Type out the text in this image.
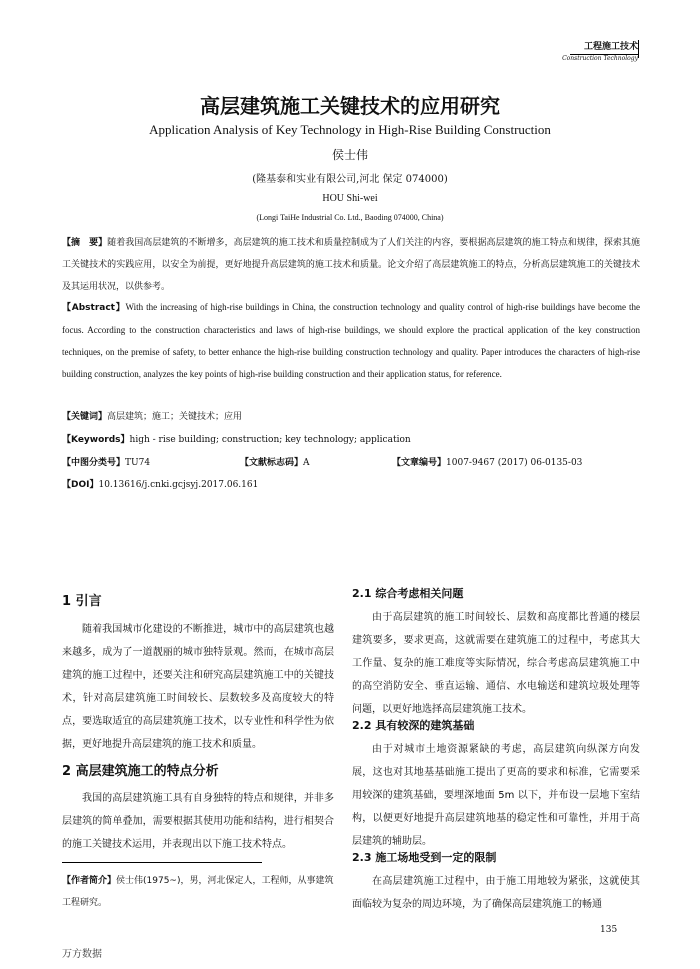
工程施工技术
Construction Technology
高层建筑施工关键技术的应用研究
Application Analysis of Key Technology in High-Rise Building Construction
侯士伟
(隆基泰和实业有限公司,河北 保定 074000)
HOU Shi-wei
(Longi TaiHe Industrial Co. Ltd., Baoding 074000, China)
【摘　要】随着我国高层建筑的不断增多，高层建筑的施工技术和质量控制成为了人们关注的内容，要根据高层建筑的施工特点和规律，探索其施工关键技术的实践应用，以安全为前提，更好地提升高层建筑的施工技术和质量。论文介绍了高层建筑施工的特点，分析高层建筑施工的关键技术及其运用状况，以供参考。
【Abstract】With the increasing of high-rise buildings in China, the construction technology and quality control of high-rise buildings have become the focus. According to the construction characteristics and laws of high-rise buildings, we should explore the practical application of the key construction techniques, on the premise of safety, to better enhance the high-rise building construction technology and quality. Paper introduces the characters of high-rise building construction, analyzes the key points of high-rise building construction and their application status, for reference.
【关键词】高层建筑；施工；关键技术；应用
【Keywords】high - rise building; construction; key technology; application
【中图分类号】TU74	【文献标志码】A	【文章编号】1007-9467 (2017) 06-0135-03
【DOI】10.13616/j.cnki.gcjsyj.2017.06.161
1 引言
随着我国城市化建设的不断推进，城市中的高层建筑也越来越多，成为了一道靓丽的城市独特景观。然而，在城市高层建筑的施工过程中，还要关注和研究高层建筑施工中的关键技术，针对高层建筑施工时间较长、层数较多及高度较大的特点，要选取适宜的高层建筑施工技术，以专业性和科学性为依据，更好地提升高层建筑的施工技术和质量。
2 高层建筑施工的特点分析
我国的高层建筑施工具有自身独特的特点和规律，并非多层建筑的简单叠加，需要根据其使用功能和结构，进行相契合的施工关键技术运用，并表现出以下施工技术特点。
【作者简介】侯士伟(1975~)，男，河北保定人，工程师，从事建筑工程研究。
2.1 综合考虑相关问题
由于高层建筑的施工时间较长、层数和高度都比普通的楼层建筑要多，要求更高，这就需要在建筑施工的过程中，考虑其大工作量、复杂的施工难度等实际情况，综合考虑高层建筑施工中的高空消防安全、垂直运输、通信、水电输送和建筑垃圾处理等问题，以更好地选择高层建筑施工技术。
2.2 具有较深的建筑基础
由于对城市土地资源紧缺的考虑，高层建筑向纵深方向发展，这也对其地基基础施工提出了更高的要求和标准，它需要采用较深的建筑基础，要埋深地面 5m 以下，并布设一层地下室结构，以便更好地提升高层建筑地基的稳定性和可靠性，并用于高层建筑的辅助层。
2.3 施工场地受到一定的限制
在高层建筑施工过程中，由于施工用地较为紧张，这就使其面临较为复杂的周边环境，为了确保高层建筑施工的畅通
135
万方数据
